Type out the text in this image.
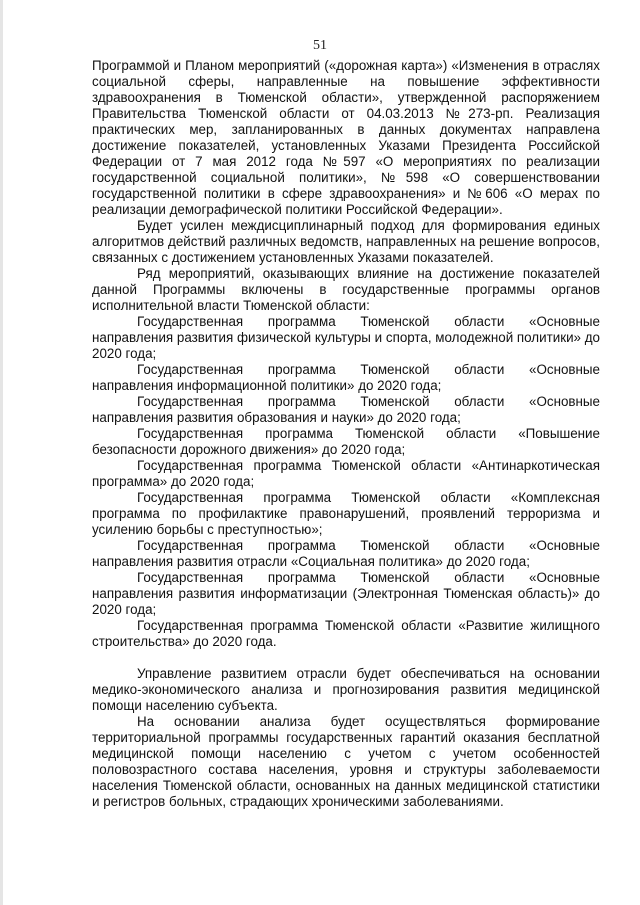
51

Программой и Планом мероприятий («дорожная карта») «Изменения в отраслях социальной сферы, направленные на повышение эффективности здравоохранения в Тюменской области», утвержденной распоряжением Правительства Тюменской области от 04.03.2013 №273-рп. Реализация практических мер, запланированных в данных документах направлена достижение показателей, установленных Указами Президента Российской Федерации от 7 мая 2012 года №597 «О мероприятиях по реализации государственной социальной политики», №598 «О совершенствовании государственной политики в сфере здравоохранения» и №606 «О мерах по реализации демографической политики Российской Федерации».

Будет усилен междисциплинарный подход для формирования единых алгоритмов действий различных ведомств, направленных на решение вопросов, связанных с достижением установленных Указами показателей.

Ряд мероприятий, оказывающих влияние на достижение показателей данной Программы включены в государственные программы органов исполнительной власти Тюменской области:

Государственная программа Тюменской области «Основные направления развития физической культуры и спорта, молодежной политики» до 2020 года;

Государственная программа Тюменской области «Основные направления информационной политики» до 2020 года;

Государственная программа Тюменской области «Основные направления развития образования и науки» до 2020 года;

Государственная программа Тюменской области «Повышение безопасности дорожного движения» до 2020 года;

Государственная программа Тюменской области «Антинаркотическая программа» до 2020 года;

Государственная программа Тюменской области «Комплексная программа по профилактике правонарушений, проявлений терроризма и усилению борьбы с преступностью»;

Государственная программа Тюменской области «Основные направления развития отрасли «Социальная политика» до 2020 года;

Государственная программа Тюменской области «Основные направления развития информатизации (Электронная Тюменская область)» до 2020 года;

Государственная программа Тюменской области «Развитие жилищного строительства» до 2020 года.

Управление развитием отрасли будет обеспечиваться на основании медико-экономического анализа и прогнозирования развития медицинской помощи населению субъекта.

На основании анализа будет осуществляться формирование территориальной программы государственных гарантий оказания бесплатной медицинской помощи населению с учетом с учетом особенностей половозрастного состава населения, уровня и структуры заболеваемости населения Тюменской области, основанных на данных медицинской статистики и регистров больных, страдающих хроническими заболеваниями.
